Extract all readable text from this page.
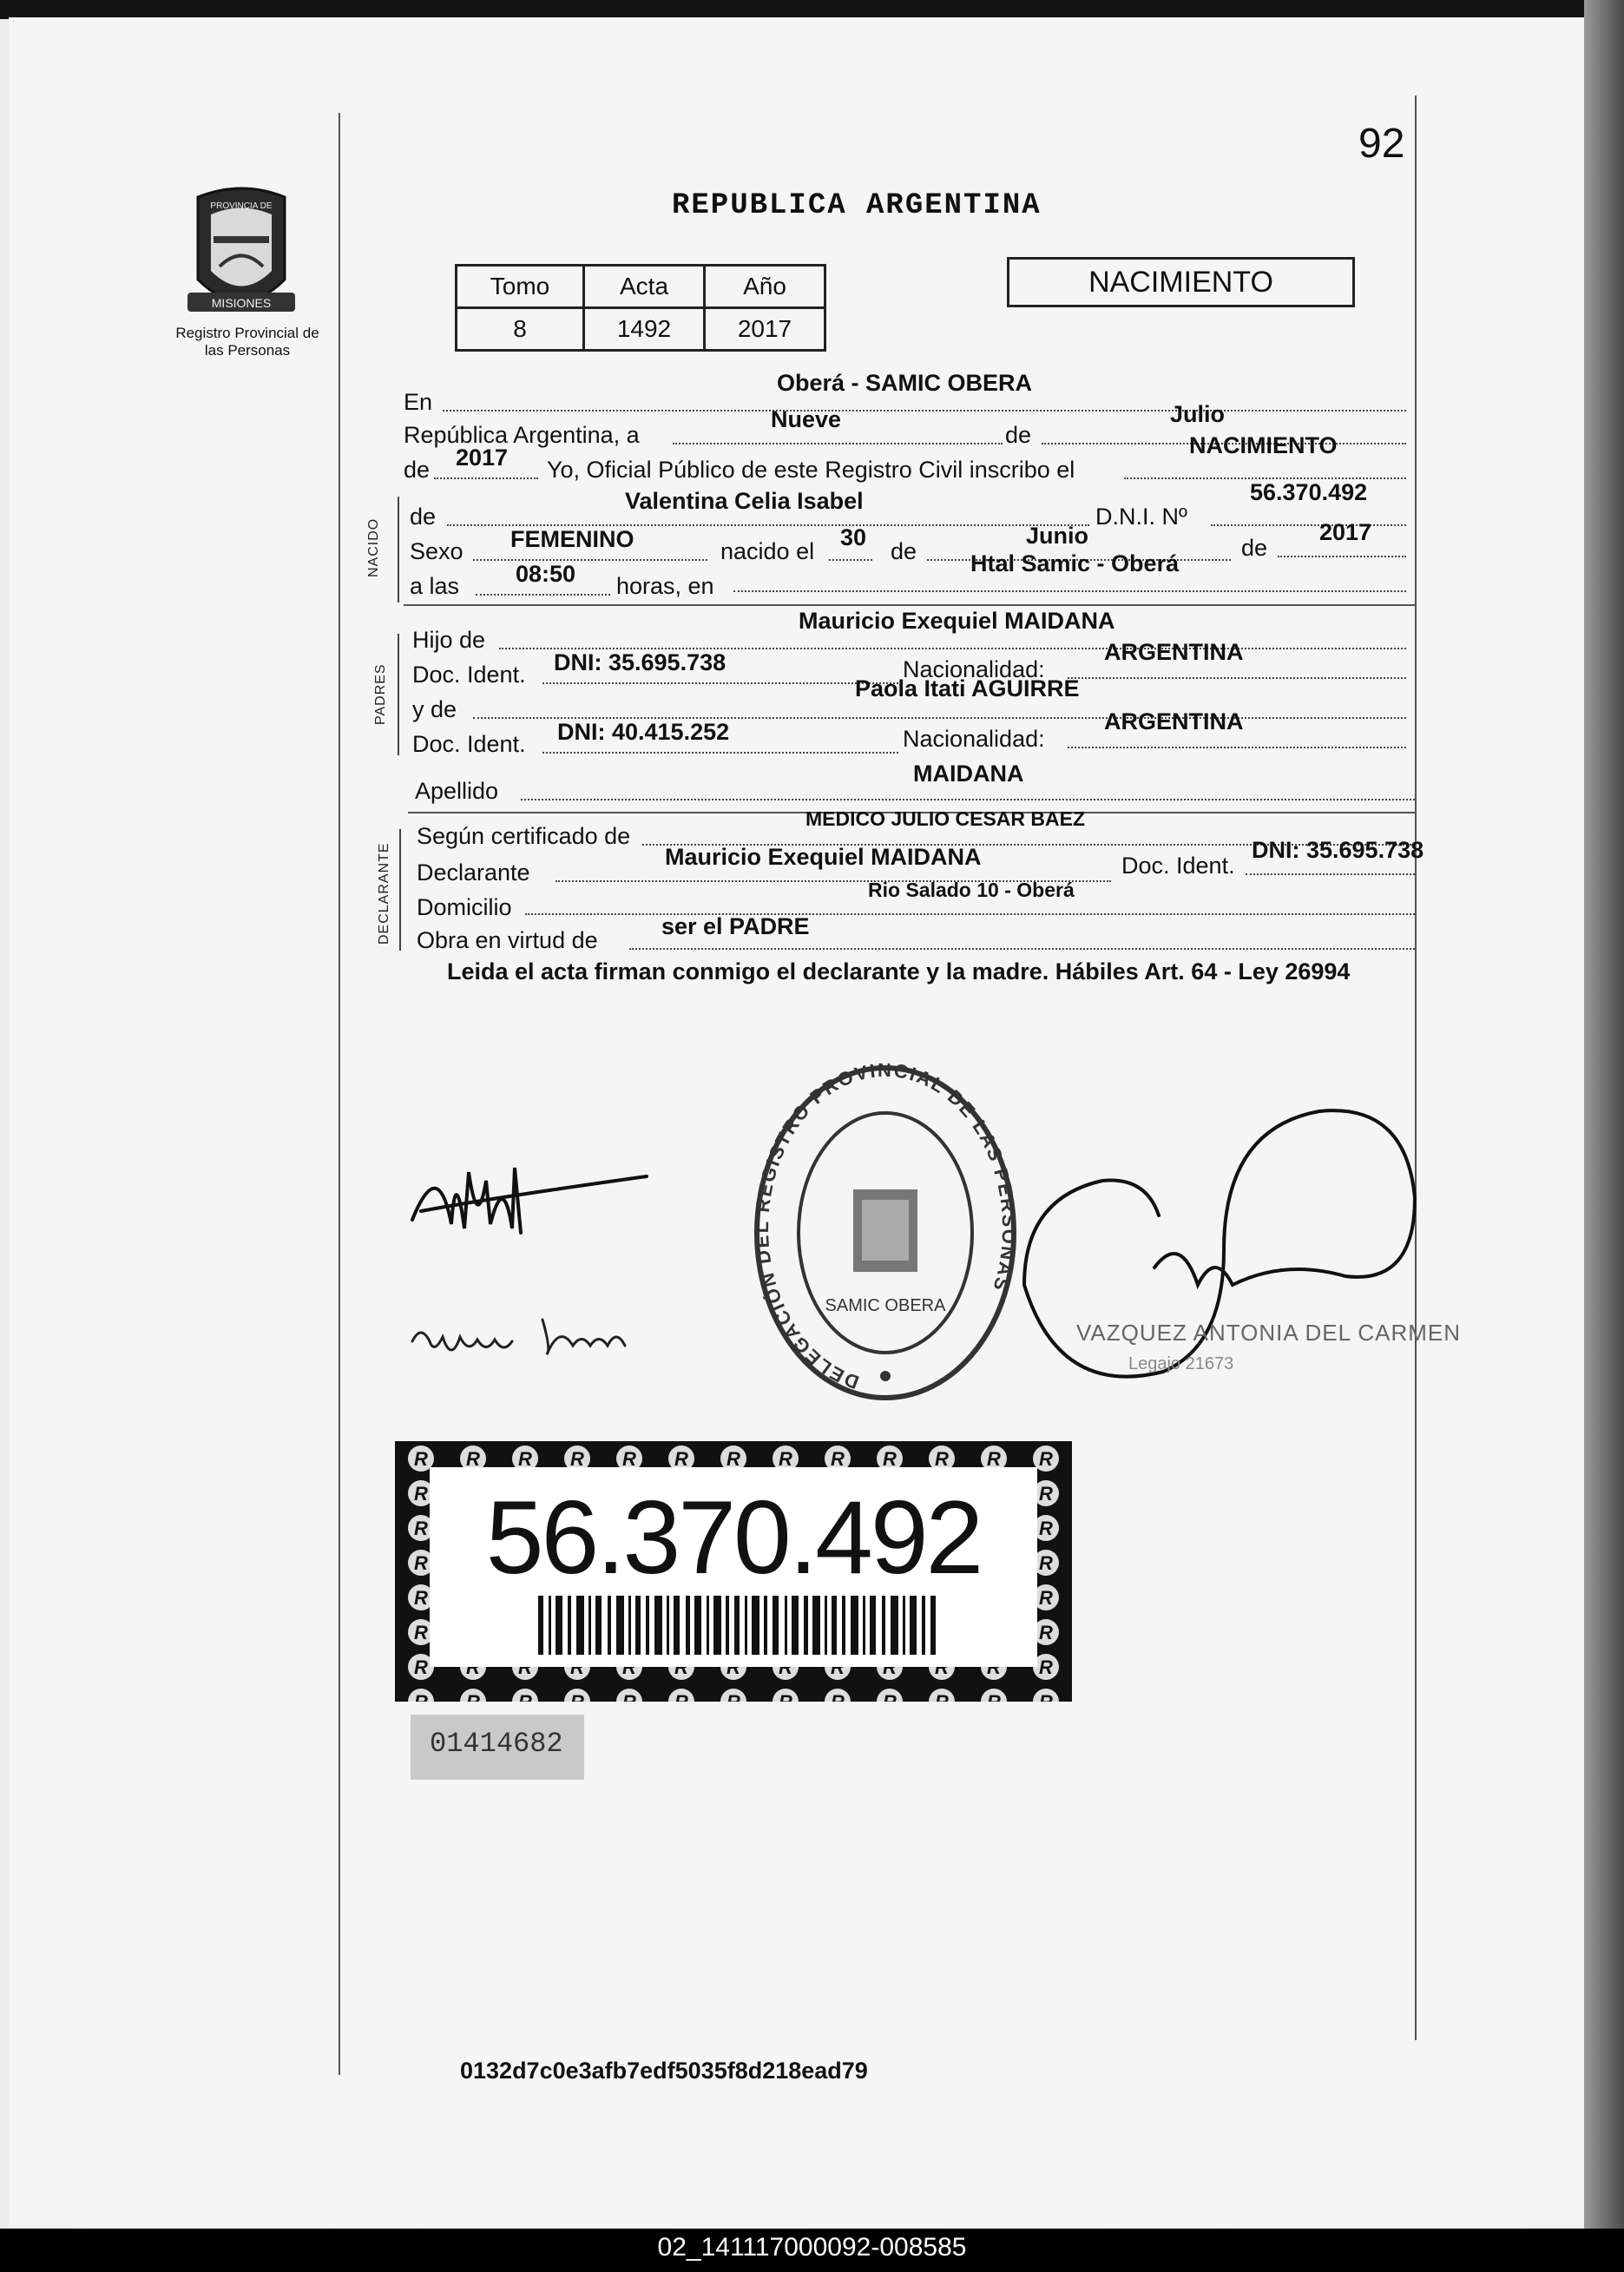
92
PROVINCIA DE
MISIONES
Registro Provincial de las Personas
REPUBLICA ARGENTINA
Tomo	Acta	Año
8	1492	2017
NACIMIENTO
En
Oberá - SAMIC OBERA
República Argentina, a
Nueve
de
Julio
de 2017 Yo, Oficial Público de este Registro Civil inscribo el
NACIMIENTO
NACIDO
de
Valentina Celia Isabel
D.N.I. Nº
56.370.492
Sexo FEMENINO	nacido el
30
de
Junio	de
2017
a las 08:50 horas, en
Htal Samic - Oberá
PADRES
Hijo de
Mauricio Exequiel MAIDANA
Doc. Ident. DNI: 35.695.738	Nacionalidad:
ARGENTINA
y de
Paola Itati AGUIRRE
Doc. Ident. DNI: 40.415.252	Nacionalidad:
ARGENTINA
Apellido
MAIDANA
DECLARANTE
Según certificado de
MEDICO JULIO CESAR BAEZ
Declarante
Mauricio Exequiel MAIDANA	Doc. Ident.
DNI: 35.695.738
Domicilio
Rio Salado 10 - Oberá
Obra en virtud de
ser el PADRE
Leida el acta firman conmigo el declarante y la madre. Hábiles Art. 64 - Ley 26994
DELEGACIÓN DEL REGISTRO PROVINCIAL DE LAS PERSONAS
SAMIC OBERA
VAZQUEZ ANTONIA DEL CARMEN
Legajo 21673
56.370.492
01414682
0132d7c0e3afb7edf5035f8d218ead79
02_141117000092-008585
